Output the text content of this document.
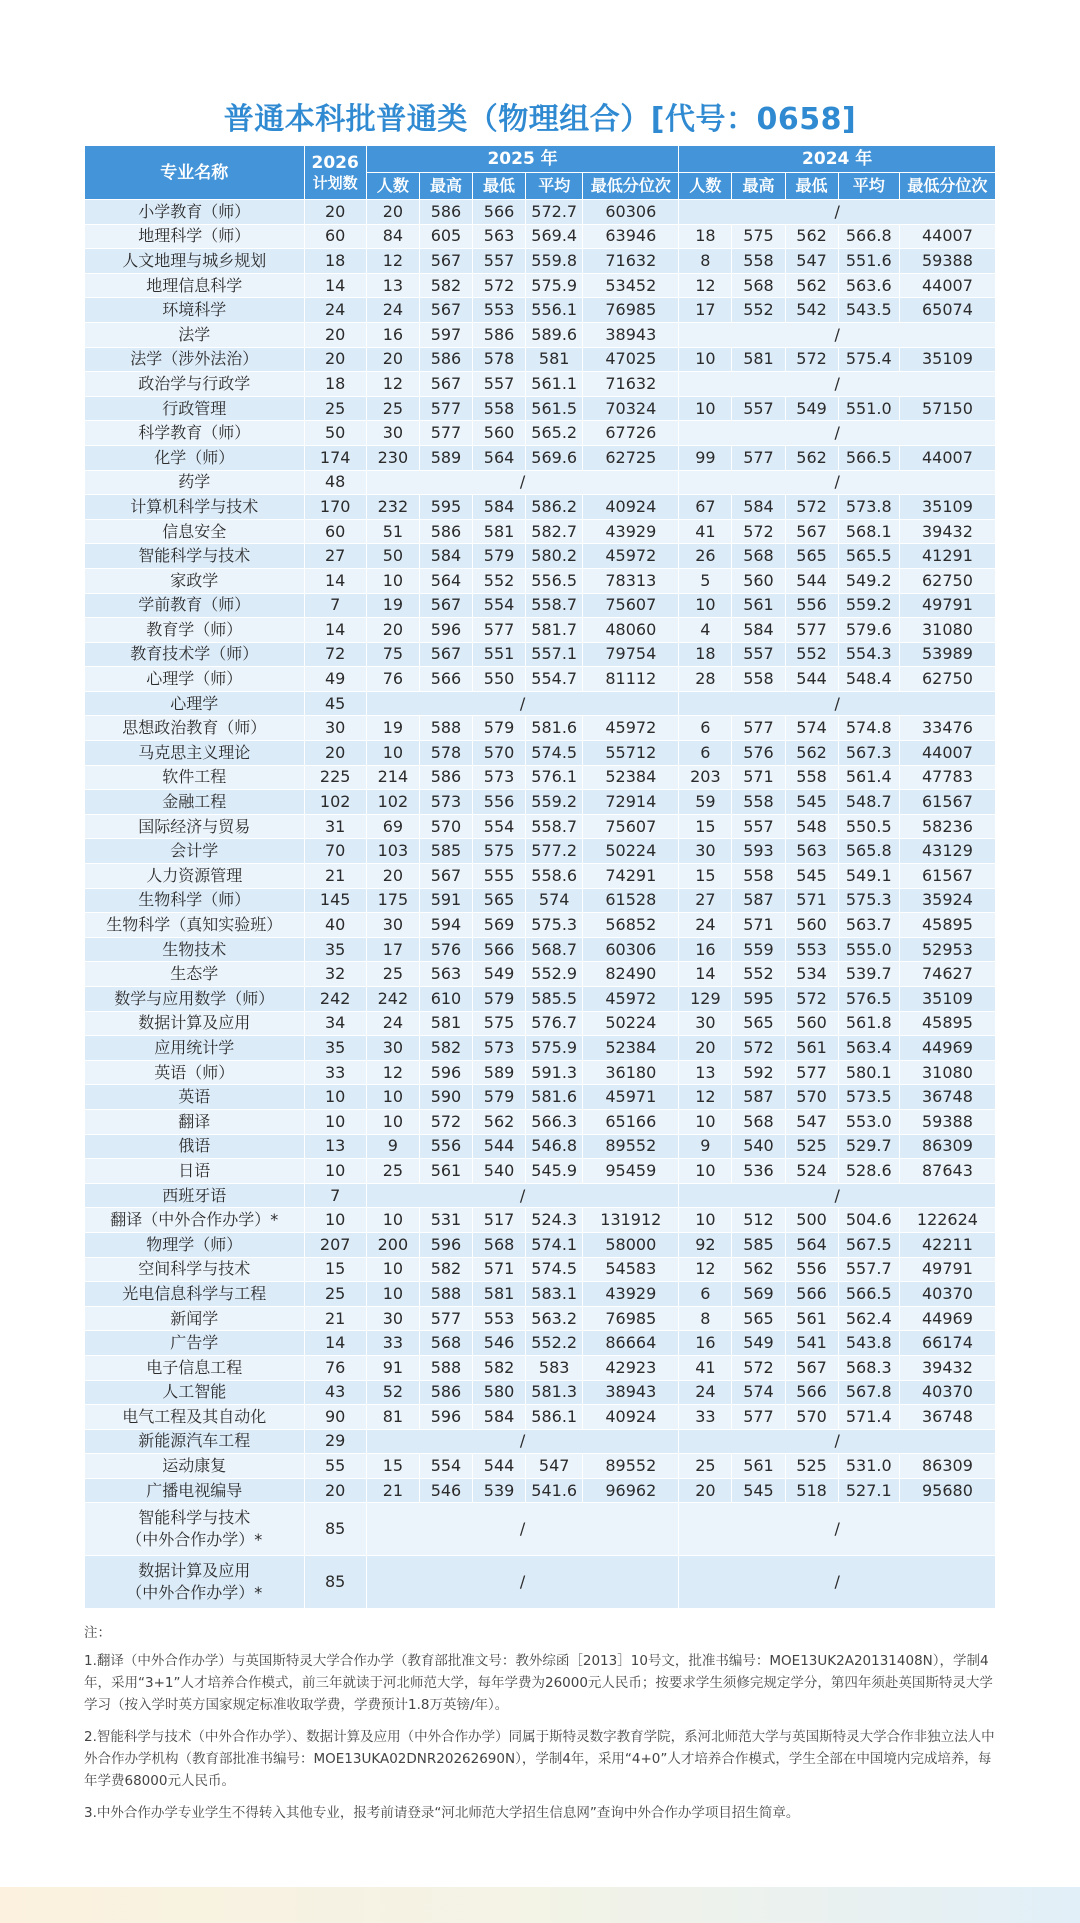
普通本科批普通类（物理组合）[代号：0658]
专业名称	2026
计划数	2025 年					2024 年				
		人数	最高	最低	平均	最低分位次	人数	最高	最低	平均	最低分位次
小学教育（师）	20	20	586	566	572.7	60306	/				
地理科学（师）	60	84	605	563	569.4	63946	18	575	562	566.8	44007
人文地理与城乡规划	18	12	567	557	559.8	71632	8	558	547	551.6	59388
地理信息科学	14	13	582	572	575.9	53452	12	568	562	563.6	44007
环境科学	24	24	567	553	556.1	76985	17	552	542	543.5	65074
法学	20	16	597	586	589.6	38943	/				
法学（涉外法治）	20	20	586	578	581	47025	10	581	572	575.4	35109
政治学与行政学	18	12	567	557	561.1	71632	/				
行政管理	25	25	577	558	561.5	70324	10	557	549	551.0	57150
科学教育（师）	50	30	577	560	565.2	67726	/				
化学（师）	174	230	589	564	569.6	62725	99	577	562	566.5	44007
药学	48	/					/				
计算机科学与技术	170	232	595	584	586.2	40924	67	584	572	573.8	35109
信息安全	60	51	586	581	582.7	43929	41	572	567	568.1	39432
智能科学与技术	27	50	584	579	580.2	45972	26	568	565	565.5	41291
家政学	14	10	564	552	556.5	78313	5	560	544	549.2	62750
学前教育（师）	7	19	567	554	558.7	75607	10	561	556	559.2	49791
教育学（师）	14	20	596	577	581.7	48060	4	584	577	579.6	31080
教育技术学（师）	72	75	567	551	557.1	79754	18	557	552	554.3	53989
心理学（师）	49	76	566	550	554.7	81112	28	558	544	548.4	62750
心理学	45	/					/				
思想政治教育（师）	30	19	588	579	581.6	45972	6	577	574	574.8	33476
马克思主义理论	20	10	578	570	574.5	55712	6	576	562	567.3	44007
软件工程	225	214	586	573	576.1	52384	203	571	558	561.4	47783
金融工程	102	102	573	556	559.2	72914	59	558	545	548.7	61567
国际经济与贸易	31	69	570	554	558.7	75607	15	557	548	550.5	58236
会计学	70	103	585	575	577.2	50224	30	593	563	565.8	43129
人力资源管理	21	20	567	555	558.6	74291	15	558	545	549.1	61567
生物科学（师）	145	175	591	565	574	61528	27	587	571	575.3	35924
生物科学（真知实验班）	40	30	594	569	575.3	56852	24	571	560	563.7	45895
生物技术	35	17	576	566	568.7	60306	16	559	553	555.0	52953
生态学	32	25	563	549	552.9	82490	14	552	534	539.7	74627
数学与应用数学（师）	242	242	610	579	585.5	45972	129	595	572	576.5	35109
数据计算及应用	34	24	581	575	576.7	50224	30	565	560	561.8	45895
应用统计学	35	30	582	573	575.9	52384	20	572	561	563.4	44969
英语（师）	33	12	596	589	591.3	36180	13	592	577	580.1	31080
英语	10	10	590	579	581.6	45971	12	587	570	573.5	36748
翻译	10	10	572	562	566.3	65166	10	568	547	553.0	59388
俄语	13	9	556	544	546.8	89552	9	540	525	529.7	86309
日语	10	25	561	540	545.9	95459	10	536	524	528.6	87643
西班牙语	7	/					/				
翻译（中外合作办学）*	10	10	531	517	524.3	131912	10	512	500	504.6	122624
物理学（师）	207	200	596	568	574.1	58000	92	585	564	567.5	42211
空间科学与技术	15	10	582	571	574.5	54583	12	562	556	557.7	49791
光电信息科学与工程	25	10	588	581	583.1	43929	6	569	566	566.5	40370
新闻学	21	30	577	553	563.2	76985	8	565	561	562.4	44969
广告学	14	33	568	546	552.2	86664	16	549	541	543.8	66174
电子信息工程	76	91	588	582	583	42923	41	572	567	568.3	39432
人工智能	43	52	586	580	581.3	38943	24	574	566	567.8	40370
电气工程及其自动化	90	81	596	584	586.1	40924	33	577	570	571.4	36748
新能源汽车工程	29	/					/				
运动康复	55	15	554	544	547	89552	25	561	525	531.0	86309
广播电视编导	20	21	546	539	541.6	96962	20	545	518	527.1	95680
智能科学与技术
（中外合作办学）*	85	/					/				
数据计算及应用
（中外合作办学）*	85	/					/				

注：

1.翻译（中外合作办学）与英国斯特灵大学合作办学（教育部批准文号：教外综函［2013］10号文，批准书编号：MOE13UK2A20131408N），学制4年，采用“3+1”人才培养合作模式，前三年就读于河北师范大学，每年学费为26000元人民币；按要求学生须修完规定学分，第四年须赴英国斯特灵大学学习（按入学时英方国家规定标准收取学费，学费预计1.8万英镑/年）。

2.智能科学与技术（中外合作办学）、数据计算及应用（中外合作办学）同属于斯特灵数字教育学院，系河北师范大学与英国斯特灵大学合作非独立法人中外合作办学机构（教育部批准书编号：MOE13UKA02DNR20262690N），学制4年，采用“4+0”人才培养合作模式，学生全部在中国境内完成培养，每年学费68000元人民币。

3.中外合作办学专业学生不得转入其他专业，报考前请登录“河北师范大学招生信息网”查询中外合作办学项目招生简章。
